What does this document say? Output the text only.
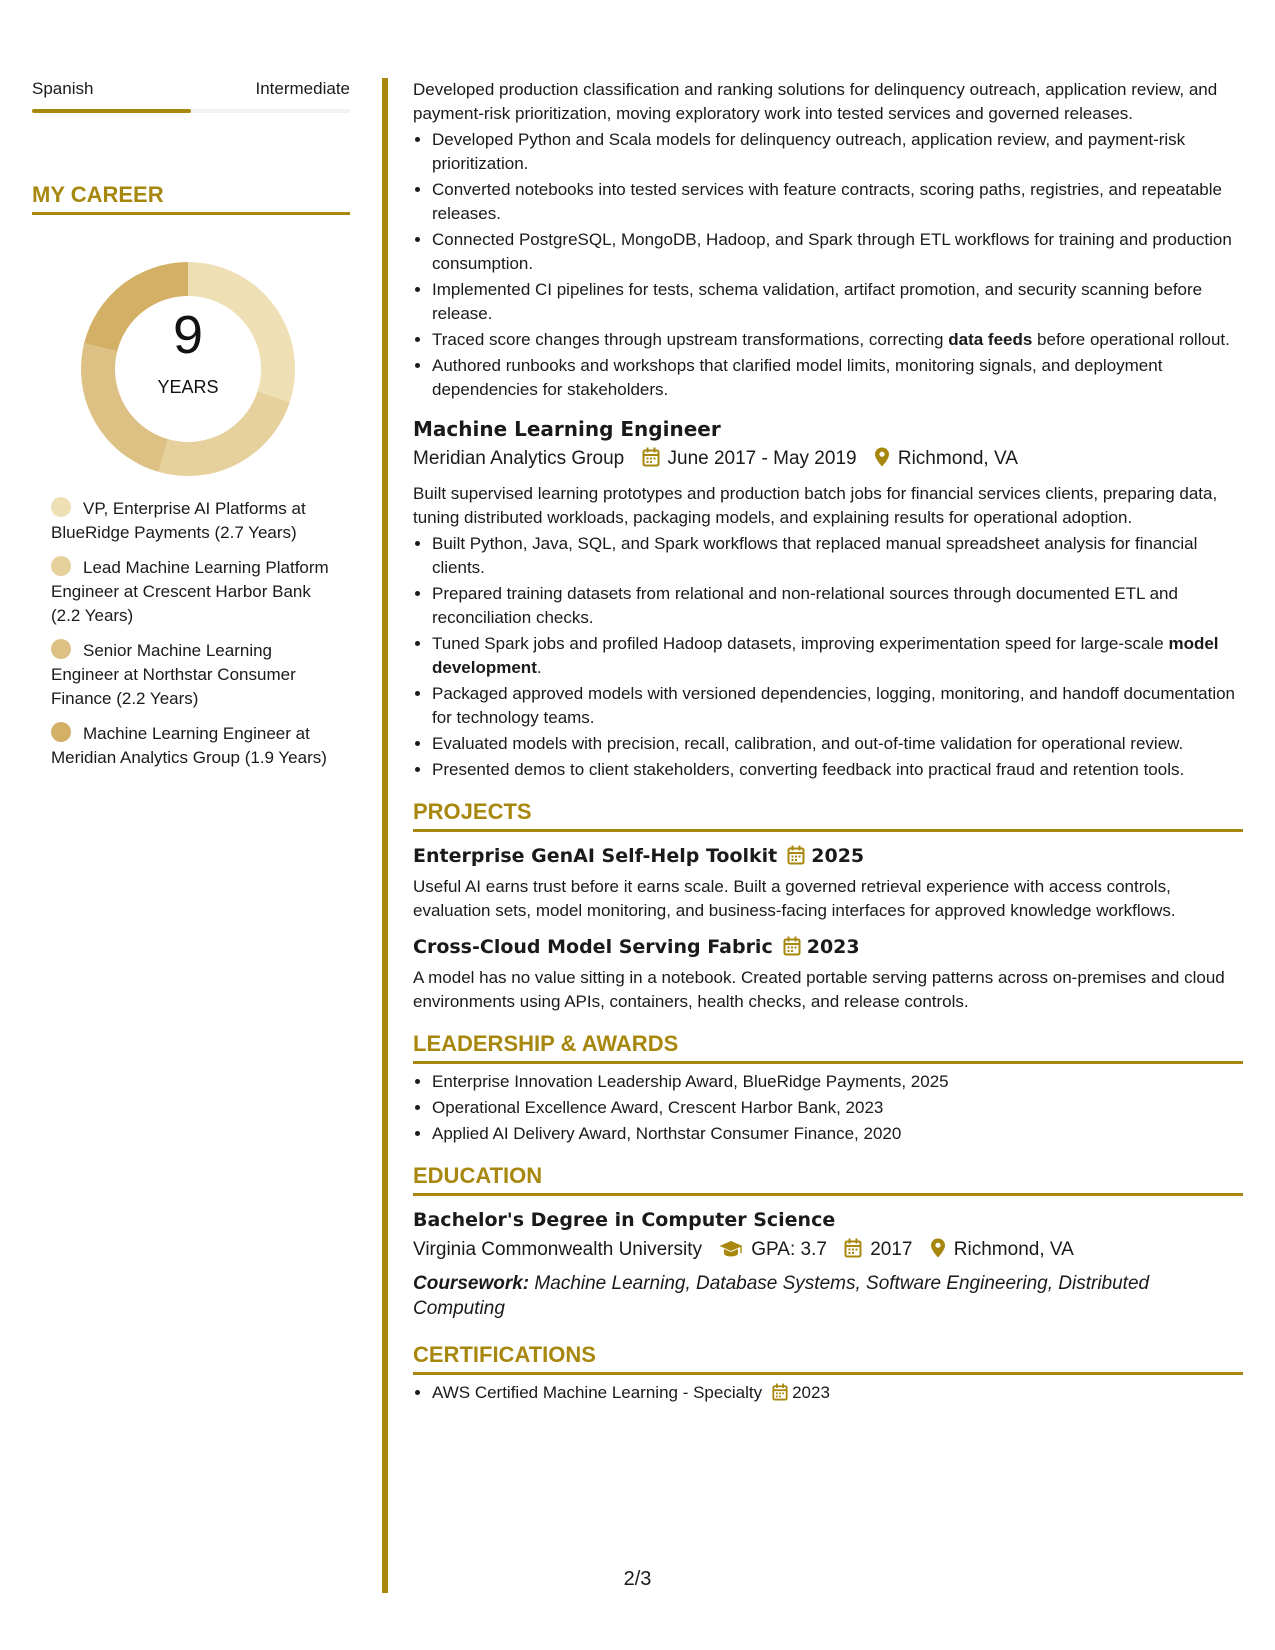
Spanish	Intermediate
MY CAREER
9
YEARS
VP, Enterprise AI Platforms at BlueRidge Payments (2.7 Years)
Lead Machine Learning Platform Engineer at Crescent Harbor Bank (2.2 Years)
Senior Machine Learning Engineer at Northstar Consumer Finance (2.2 Years)
Machine Learning Engineer at Meridian Analytics Group (1.9 Years)

Developed production classification and ranking solutions for delinquency outreach, application review, and payment-risk prioritization, moving exploratory work into tested services and governed releases.

• Developed Python and Scala models for delinquency outreach, application review, and payment-risk prioritization.
• Converted notebooks into tested services with feature contracts, scoring paths, registries, and repeatable releases.
• Connected PostgreSQL, MongoDB, Hadoop, and Spark through ETL workflows for training and production consumption.
• Implemented CI pipelines for tests, schema validation, artifact promotion, and security scanning before release.
• Traced score changes through upstream transformations, correcting data feeds before operational rollout.
• Authored runbooks and workshops that clarified model limits, monitoring signals, and deployment dependencies for stakeholders.
Machine Learning Engineer
Meridian Analytics Group June 2017 - May 2019 Richmond, VA

Built supervised learning prototypes and production batch jobs for financial services clients, preparing data, tuning distributed workloads, packaging models, and explaining results for operational adoption.

• Built Python, Java, SQL, and Spark workflows that replaced manual spreadsheet analysis for financial clients.
• Prepared training datasets from relational and non-relational sources through documented ETL and reconciliation checks.
• Tuned Spark jobs and profiled Hadoop datasets, improving experimentation speed for large-scale model development.
• Packaged approved models with versioned dependencies, logging, monitoring, and handoff documentation for technology teams.
• Evaluated models with precision, recall, calibration, and out-of-time validation for operational review.
• Presented demos to client stakeholders, converting feedback into practical fraud and retention tools.
PROJECTS
Enterprise GenAI Self-Help Toolkit 2025

Useful AI earns trust before it earns scale. Built a governed retrieval experience with access controls, evaluation sets, model monitoring, and business-facing interfaces for approved knowledge workflows.

Cross-Cloud Model Serving Fabric 2023

A model has no value sitting in a notebook. Created portable serving patterns across on-premises and cloud environments using APIs, containers, health checks, and release controls.

LEADERSHIP & AWARDS
• Enterprise Innovation Leadership Award, BlueRidge Payments, 2025
• Operational Excellence Award, Crescent Harbor Bank, 2023
• Applied AI Delivery Award, Northstar Consumer Finance, 2020
EDUCATION
Bachelor's Degree in Computer Science
Virginia Commonwealth University	GPA: 3.7 2017 Richmond, VA
Coursework: Machine Learning, Database Systems, Software Engineering, Distributed Computing
CERTIFICATIONS
• AWS Certified Machine Learning - Specialty 2023
2/3
